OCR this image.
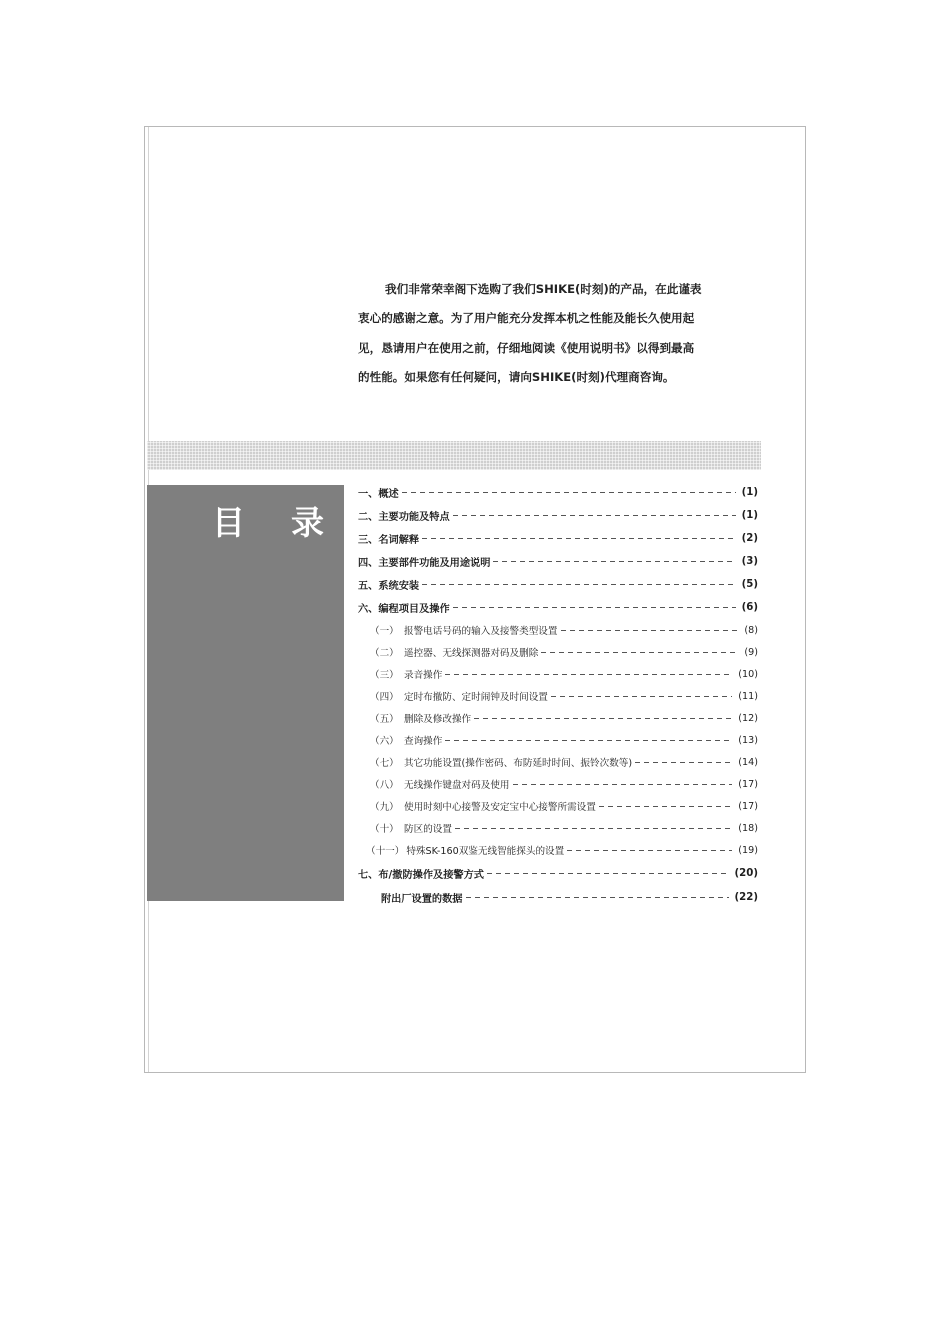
我们非常荣幸阁下选购了我们SHIKE(时刻)的产品，在此谨表
衷心的感谢之意。为了用户能充分发挥本机之性能及能长久使用起
见，恳请用户在使用之前，仔细地阅读《使用说明书》以得到最高
的性能。如果您有任何疑问，请向SHIKE(时刻)代理商咨询。
目 录
一、概述	(1)
二、主要功能及特点	(1)
三、名词解释	(2)
四、主要部件功能及用途说明	(3)
五、系统安装	(5)
六、编程项目及操作	(6)
（一） 报警电话号码的输入及接警类型设置	(8)
（二） 遥控器、无线探测器对码及删除	(9)
（三） 录音操作	(10)
（四） 定时布撤防、定时闹钟及时间设置	(11)
（五） 删除及修改操作	(12)
（六） 查询操作	(13)
（七） 其它功能设置(操作密码、布防延时时间、振铃次数等)	(14)
（八） 无线操作键盘对码及使用	(17)
（九） 使用时刻中心接警及安定宝中心接警所需设置	(17)
（十） 防区的设置	(18)
（十一） 特殊SK-160双鉴无线智能探头的设置	(19)
七、布/撤防操作及接警方式	(20)
附出厂设置的数据	(22)
